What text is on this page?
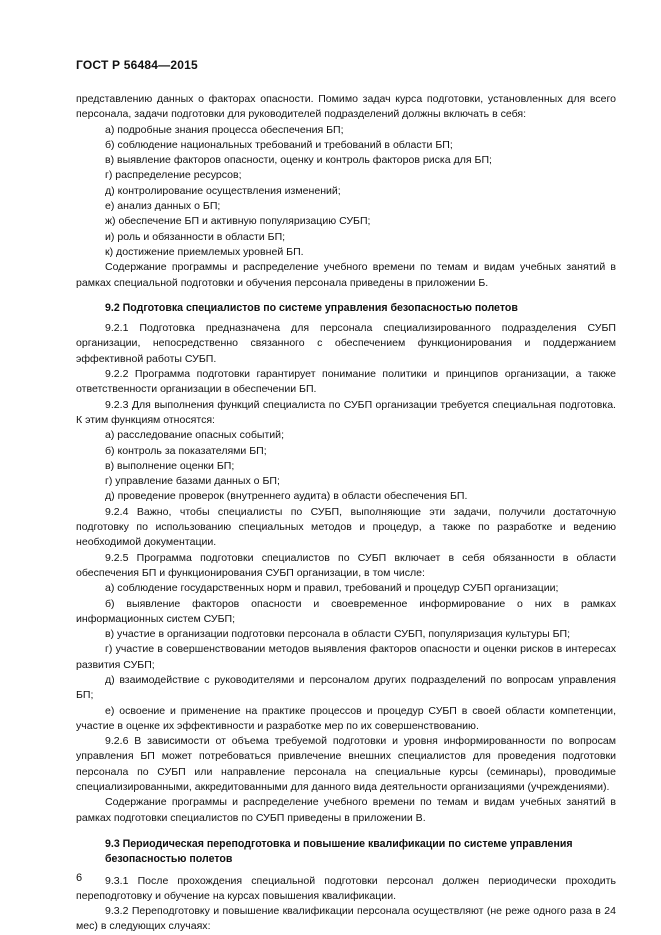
ГОСТ Р 56484—2015

представлению данных о факторах опасности. Помимо задач курса подготовки, установленных для всего персонала, задачи подготовки для руководителей подразделений должны включать в себя:

а) подробные знания процесса обеспечения БП;

б) соблюдение национальных требований и требований в области БП;

в) выявление факторов опасности, оценку и контроль факторов риска для БП;

г) распределение ресурсов;

д) контролирование осуществления изменений;

е) анализ данных о БП;

ж) обеспечение БП и активную популяризацию СУБП;

и) роль и обязанности в области БП;

к) достижение приемлемых уровней БП.

Содержание программы и распределение учебного времени по темам и видам учебных занятий в рамках специальной подготовки и обучения персонала приведены в приложении Б.

9.2 Подготовка специалистов по системе управления безопасностью полетов

9.2.1 Подготовка предназначена для персонала специализированного подразделения СУБП организации, непосредственно связанного с обеспечением функционирования и поддержанием эффективной работы СУБП.

9.2.2 Программа подготовки гарантирует понимание политики и принципов организации, а также ответственности организации в обеспечении БП.

9.2.3 Для выполнения функций специалиста по СУБП организации требуется специальная подготовка. К этим функциям относятся:

а) расследование опасных событий;

б) контроль за показателями БП;

в) выполнение оценки БП;

г) управление базами данных о БП;

д) проведение проверок (внутреннего аудита) в области обеспечения БП.

9.2.4 Важно, чтобы специалисты по СУБП, выполняющие эти задачи, получили достаточную подготовку по использованию специальных методов и процедур, а также по разработке и ведению необходимой документации.

9.2.5 Программа подготовки специалистов по СУБП включает в себя обязанности в области обеспечения БП и функционирования СУБП организации, в том числе:

а) соблюдение государственных норм и правил, требований и процедур СУБП организации;

б) выявление факторов опасности и своевременное информирование о них в рамках информационных систем СУБП;

в) участие в организации подготовки персонала в области СУБП, популяризация культуры БП;

г) участие в совершенствовании методов выявления факторов опасности и оценки рисков в интересах развития СУБП;

д) взаимодействие с руководителями и персоналом других подразделений по вопросам управления БП;

е) освоение и применение на практике процессов и процедур СУБП в своей области компетенции, участие в оценке их эффективности и разработке мер по их совершенствованию.

9.2.6 В зависимости от объема требуемой подготовки и уровня информированности по вопросам управления БП может потребоваться привлечение внешних специалистов для проведения подготовки персонала по СУБП или направление персонала на специальные курсы (семинары), проводимые специализированными, аккредитованными для данного вида деятельности организациями (учреждениями).

Содержание программы и распределение учебного времени по темам и видам учебных занятий в рамках подготовки специалистов по СУБП приведены в приложении В.

9.3 Периодическая переподготовка и повышение квалификации по системе управления безопасностью полетов

9.3.1 После прохождения специальной подготовки персонал должен периодически проходить переподготовку и обучение на курсах повышения квалификации.

9.3.2 Переподготовку и повышение квалификации персонала осуществляют (не реже одного раза в 24 мес) в следующих случаях:

6
